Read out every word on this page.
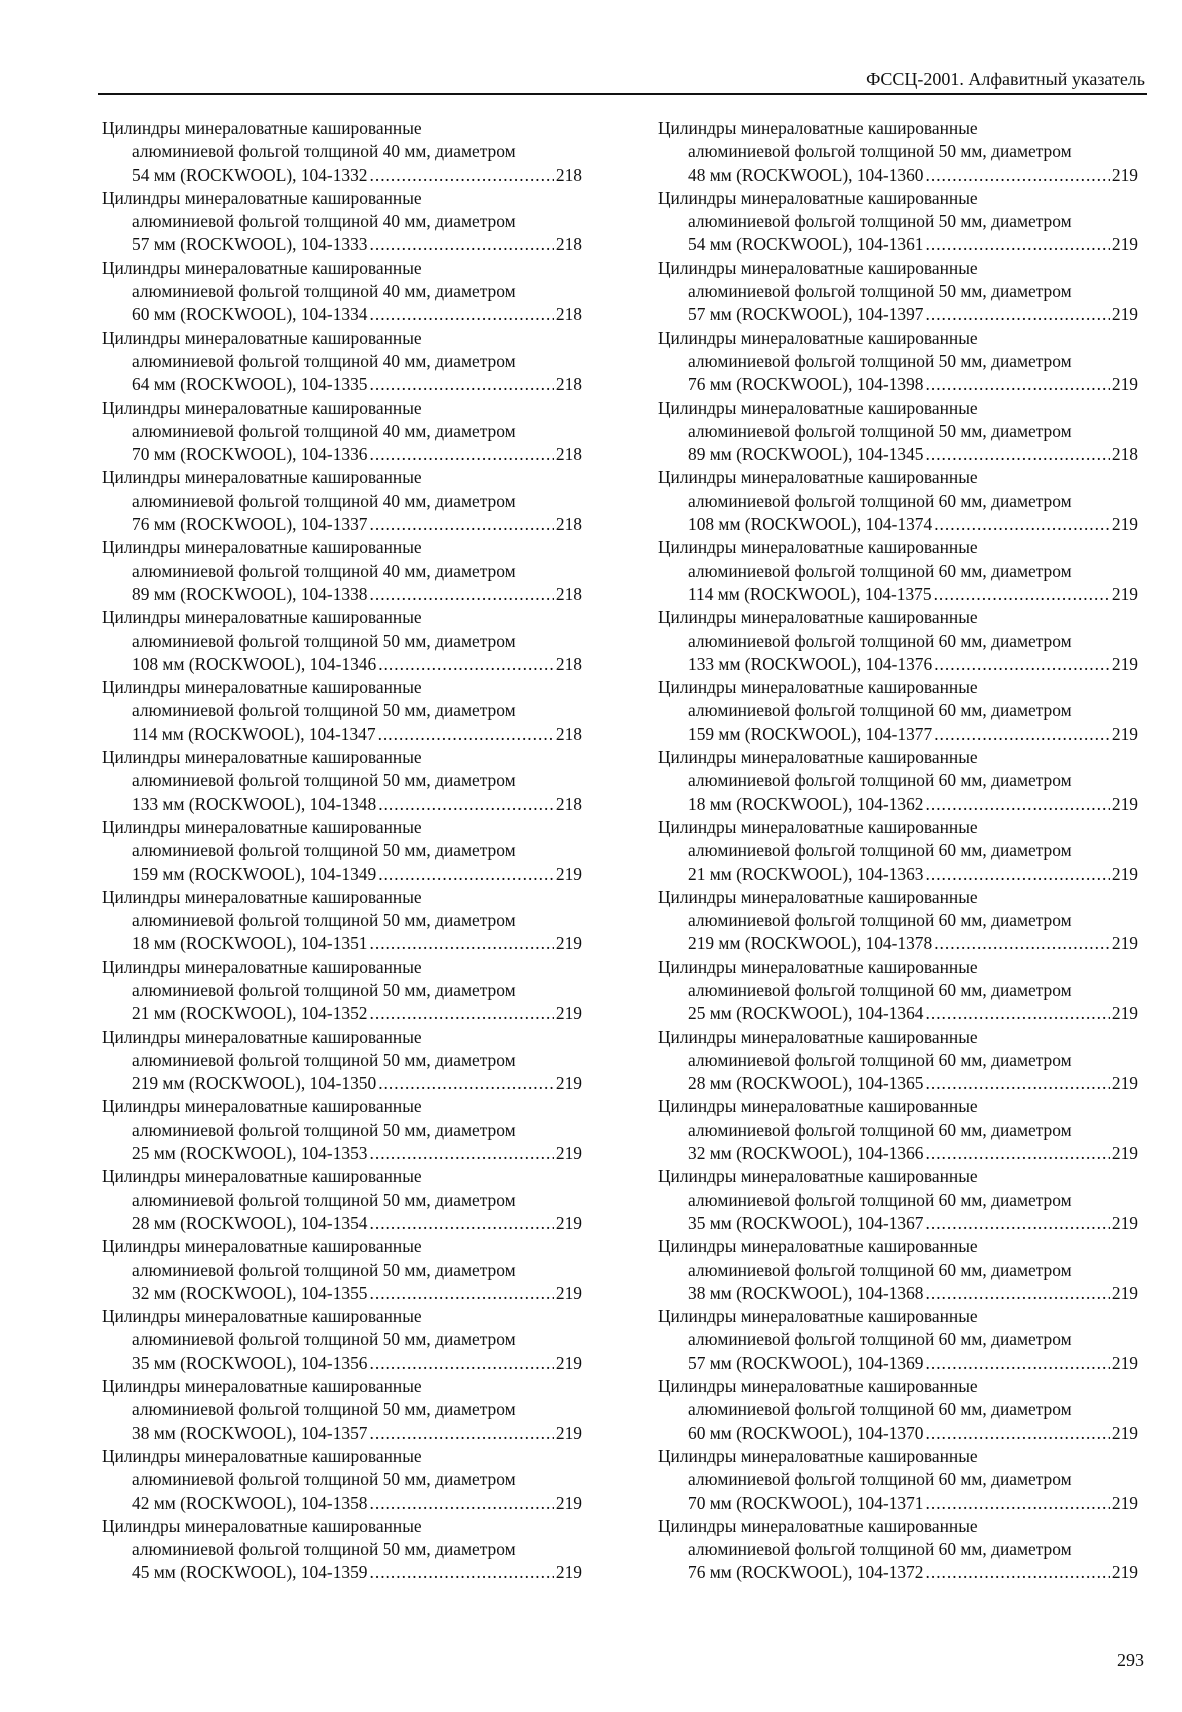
ФССЦ-2001. Алфавитный указатель
Цилиндры минераловатные кашированные
алюминиевой фольгой толщиной 40 мм, диаметром
54 мм (ROCKWOOL), 104-1332 .....	218
Цилиндры минераловатные кашированные
алюминиевой фольгой толщиной 40 мм, диаметром
57 мм (ROCKWOOL), 104-1333 .....	218
Цилиндры минераловатные кашированные
алюминиевой фольгой толщиной 40 мм, диаметром
60 мм (ROCKWOOL), 104-1334 .....	218
Цилиндры минераловатные кашированные
алюминиевой фольгой толщиной 40 мм, диаметром
64 мм (ROCKWOOL), 104-1335 .....	218
Цилиндры минераловатные кашированные
алюминиевой фольгой толщиной 40 мм, диаметром
70 мм (ROCKWOOL), 104-1336 .....	218
Цилиндры минераловатные кашированные
алюминиевой фольгой толщиной 40 мм, диаметром
76 мм (ROCKWOOL), 104-1337 .....	218
Цилиндры минераловатные кашированные
алюминиевой фольгой толщиной 40 мм, диаметром
89 мм (ROCKWOOL), 104-1338 .....	218
Цилиндры минераловатные кашированные
алюминиевой фольгой толщиной 50 мм, диаметром
108 мм (ROCKWOOL), 104-1346 .....	218
Цилиндры минераловатные кашированные
алюминиевой фольгой толщиной 50 мм, диаметром
114 мм (ROCKWOOL), 104-1347 .....	218
Цилиндры минераловатные кашированные
алюминиевой фольгой толщиной 50 мм, диаметром
133 мм (ROCKWOOL), 104-1348 .....	218
Цилиндры минераловатные кашированные
алюминиевой фольгой толщиной 50 мм, диаметром
159 мм (ROCKWOOL), 104-1349 .....	219
Цилиндры минераловатные кашированные
алюминиевой фольгой толщиной 50 мм, диаметром
18 мм (ROCKWOOL), 104-1351 .....	219
Цилиндры минераловатные кашированные
алюминиевой фольгой толщиной 50 мм, диаметром
21 мм (ROCKWOOL), 104-1352 .....	219
Цилиндры минераловатные кашированные
алюминиевой фольгой толщиной 50 мм, диаметром
219 мм (ROCKWOOL), 104-1350 .....	219
Цилиндры минераловатные кашированные
алюминиевой фольгой толщиной 50 мм, диаметром
25 мм (ROCKWOOL), 104-1353 .....	219
Цилиндры минераловатные кашированные
алюминиевой фольгой толщиной 50 мм, диаметром
28 мм (ROCKWOOL), 104-1354 .....	219
Цилиндры минераловатные кашированные
алюминиевой фольгой толщиной 50 мм, диаметром
32 мм (ROCKWOOL), 104-1355 .....	219
Цилиндры минераловатные кашированные
алюминиевой фольгой толщиной 50 мм, диаметром
35 мм (ROCKWOOL), 104-1356 .....	219
Цилиндры минераловатные кашированные
алюминиевой фольгой толщиной 50 мм, диаметром
38 мм (ROCKWOOL), 104-1357 .....	219
Цилиндры минераловатные кашированные
алюминиевой фольгой толщиной 50 мм, диаметром
42 мм (ROCKWOOL), 104-1358 .....	219
Цилиндры минераловатные кашированные
алюминиевой фольгой толщиной 50 мм, диаметром
45 мм (ROCKWOOL), 104-1359 .....	219
Цилиндры минераловатные кашированные
алюминиевой фольгой толщиной 50 мм, диаметром
48 мм (ROCKWOOL), 104-1360 .....	219
Цилиндры минераловатные кашированные
алюминиевой фольгой толщиной 50 мм, диаметром
54 мм (ROCKWOOL), 104-1361 .....	219
Цилиндры минераловатные кашированные
алюминиевой фольгой толщиной 50 мм, диаметром
57 мм (ROCKWOOL), 104-1397 .....	219
Цилиндры минераловатные кашированные
алюминиевой фольгой толщиной 50 мм, диаметром
76 мм (ROCKWOOL), 104-1398 .....	219
Цилиндры минераловатные кашированные
алюминиевой фольгой толщиной 50 мм, диаметром
89 мм (ROCKWOOL), 104-1345 .....	218
Цилиндры минераловатные кашированные
алюминиевой фольгой толщиной 60 мм, диаметром
108 мм (ROCKWOOL), 104-1374 .....	219
Цилиндры минераловатные кашированные
алюминиевой фольгой толщиной 60 мм, диаметром
114 мм (ROCKWOOL), 104-1375 .....	219
Цилиндры минераловатные кашированные
алюминиевой фольгой толщиной 60 мм, диаметром
133 мм (ROCKWOOL), 104-1376 .....	219
Цилиндры минераловатные кашированные
алюминиевой фольгой толщиной 60 мм, диаметром
159 мм (ROCKWOOL), 104-1377 .....	219
Цилиндры минераловатные кашированные
алюминиевой фольгой толщиной 60 мм, диаметром
18 мм (ROCKWOOL), 104-1362 .....	219
Цилиндры минераловатные кашированные
алюминиевой фольгой толщиной 60 мм, диаметром
21 мм (ROCKWOOL), 104-1363 .....	219
Цилиндры минераловатные кашированные
алюминиевой фольгой толщиной 60 мм, диаметром
219 мм (ROCKWOOL), 104-1378 .....	219
Цилиндры минераловатные кашированные
алюминиевой фольгой толщиной 60 мм, диаметром
25 мм (ROCKWOOL), 104-1364 .....	219
Цилиндры минераловатные кашированные
алюминиевой фольгой толщиной 60 мм, диаметром
28 мм (ROCKWOOL), 104-1365 .....	219
Цилиндры минераловатные кашированные
алюминиевой фольгой толщиной 60 мм, диаметром
32 мм (ROCKWOOL), 104-1366 .....	219
Цилиндры минераловатные кашированные
алюминиевой фольгой толщиной 60 мм, диаметром
35 мм (ROCKWOOL), 104-1367 .....	219
Цилиндры минераловатные кашированные
алюминиевой фольгой толщиной 60 мм, диаметром
38 мм (ROCKWOOL), 104-1368 .....	219
Цилиндры минераловатные кашированные
алюминиевой фольгой толщиной 60 мм, диаметром
57 мм (ROCKWOOL), 104-1369 .....	219
Цилиндры минераловатные кашированные
алюминиевой фольгой толщиной 60 мм, диаметром
60 мм (ROCKWOOL), 104-1370 .....	219
Цилиндры минераловатные кашированные
алюминиевой фольгой толщиной 60 мм, диаметром
70 мм (ROCKWOOL), 104-1371 .....	219
Цилиндры минераловатные кашированные
алюминиевой фольгой толщиной 60 мм, диаметром
76 мм (ROCKWOOL), 104-1372 .....	219
293
